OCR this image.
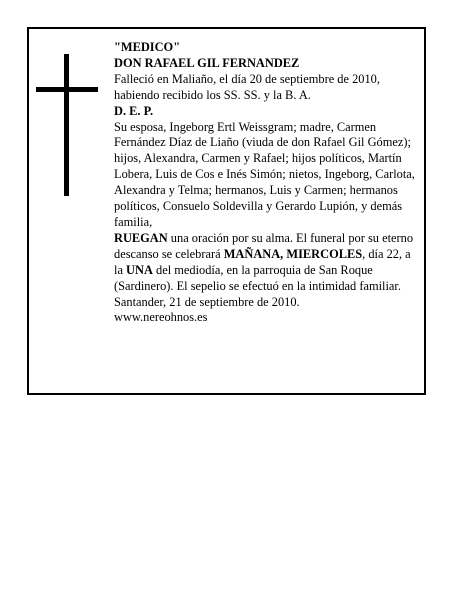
"MEDICO"

DON RAFAEL GIL FERNANDEZ

Falleció en Maliaño, el día 20 de septiembre de 2010, habiendo recibido los SS. SS. y la B. A.

D. E. P.

Su esposa, Ingeborg Ertl Weissgram; madre, Carmen Fernández Díaz de Liaño (viuda de don Rafael Gil Gómez); hijos, Alexandra, Carmen y Rafael; hijos políticos, Martín Lobera, Luis de Cos e Inés Simón; nietos, Ingeborg, Carlota, Alexandra y Telma; hermanos, Luis y Carmen; hermanos políticos, Consuelo Soldevilla y Gerardo Lupión, y demás familia,

RUEGAN una oración por su alma. El funeral por su eterno descanso se celebrará MAÑANA, MIERCOLES, día 22, a la UNA del mediodía, en la parroquia de San Roque (Sardinero). El sepelio se efectuó en la intimidad familiar.

Santander, 21 de septiembre de 2010.

www.nereohnos.es
